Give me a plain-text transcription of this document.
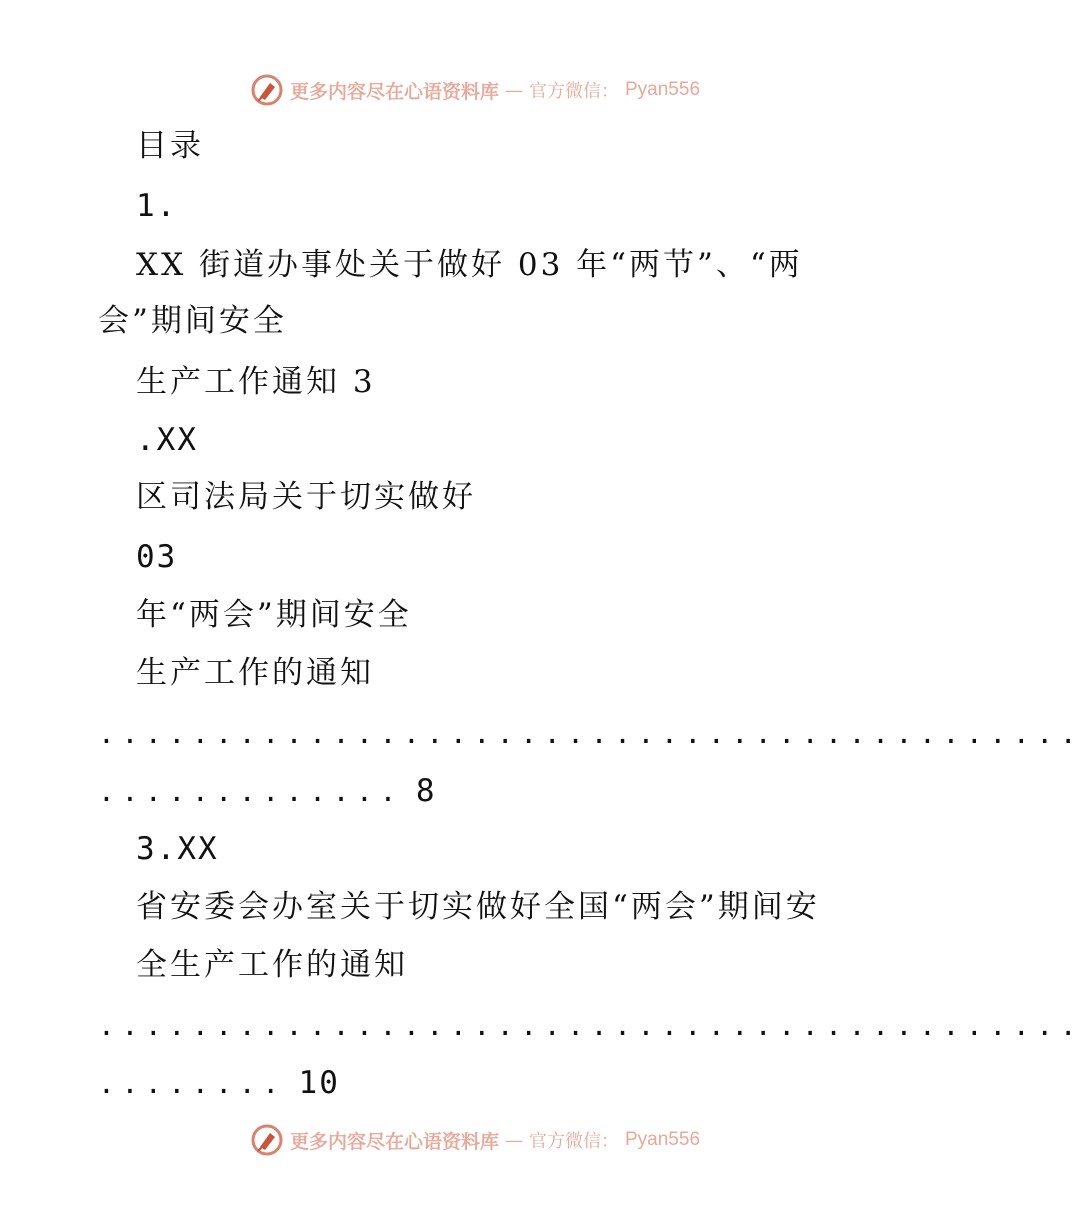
更多内容尽在心语资料库 — 官方微信： Pyan556
目录
1.
XX 街道办事处关于做好 03 年“两节”、“两
会”期间安全
生产工作通知 3
.XX
区司法局关于切实做好
03
年“两会”期间安全
生产工作的通知
..........................................
............. 8
3.XX
省安委会办室关于切实做好全国“两会”期间安
全生产工作的通知
..........................................
........ 10
更多内容尽在心语资料库 — 官方微信： Pyan556
